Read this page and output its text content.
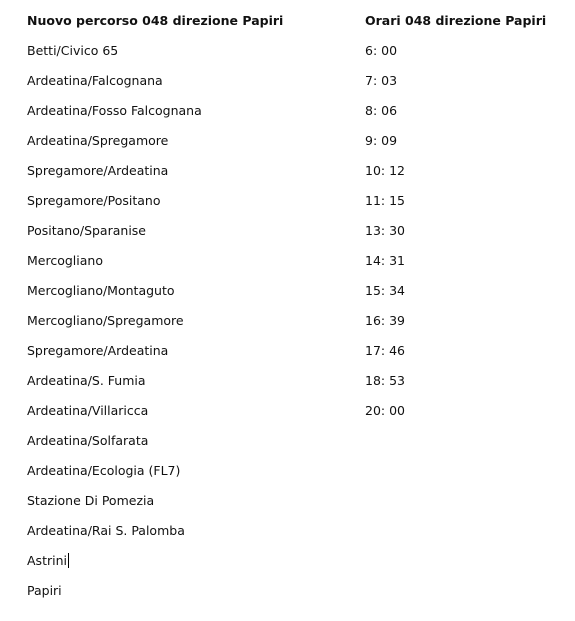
Nuovo percorso 048 direzione Papiri
Betti/Civico 65
Ardeatina/Falcognana
Ardeatina/Fosso Falcognana
Ardeatina/Spregamore
Spregamore/Ardeatina
Spregamore/Positano
Positano/Sparanise
Mercogliano
Mercogliano/Montaguto
Mercogliano/Spregamore
Spregamore/Ardeatina
Ardeatina/S. Fumia
Ardeatina/Villaricca
Ardeatina/Solfarata
Ardeatina/Ecologia (FL7)
Stazione Di Pomezia
Ardeatina/Rai S. Palomba
Astrini
Papiri
Orari 048 direzione Papiri
6: 00
7: 03
8: 06
9: 09
10: 12
11: 15
13: 30
14: 31
15: 34
16: 39
17: 46
18: 53
20: 00
